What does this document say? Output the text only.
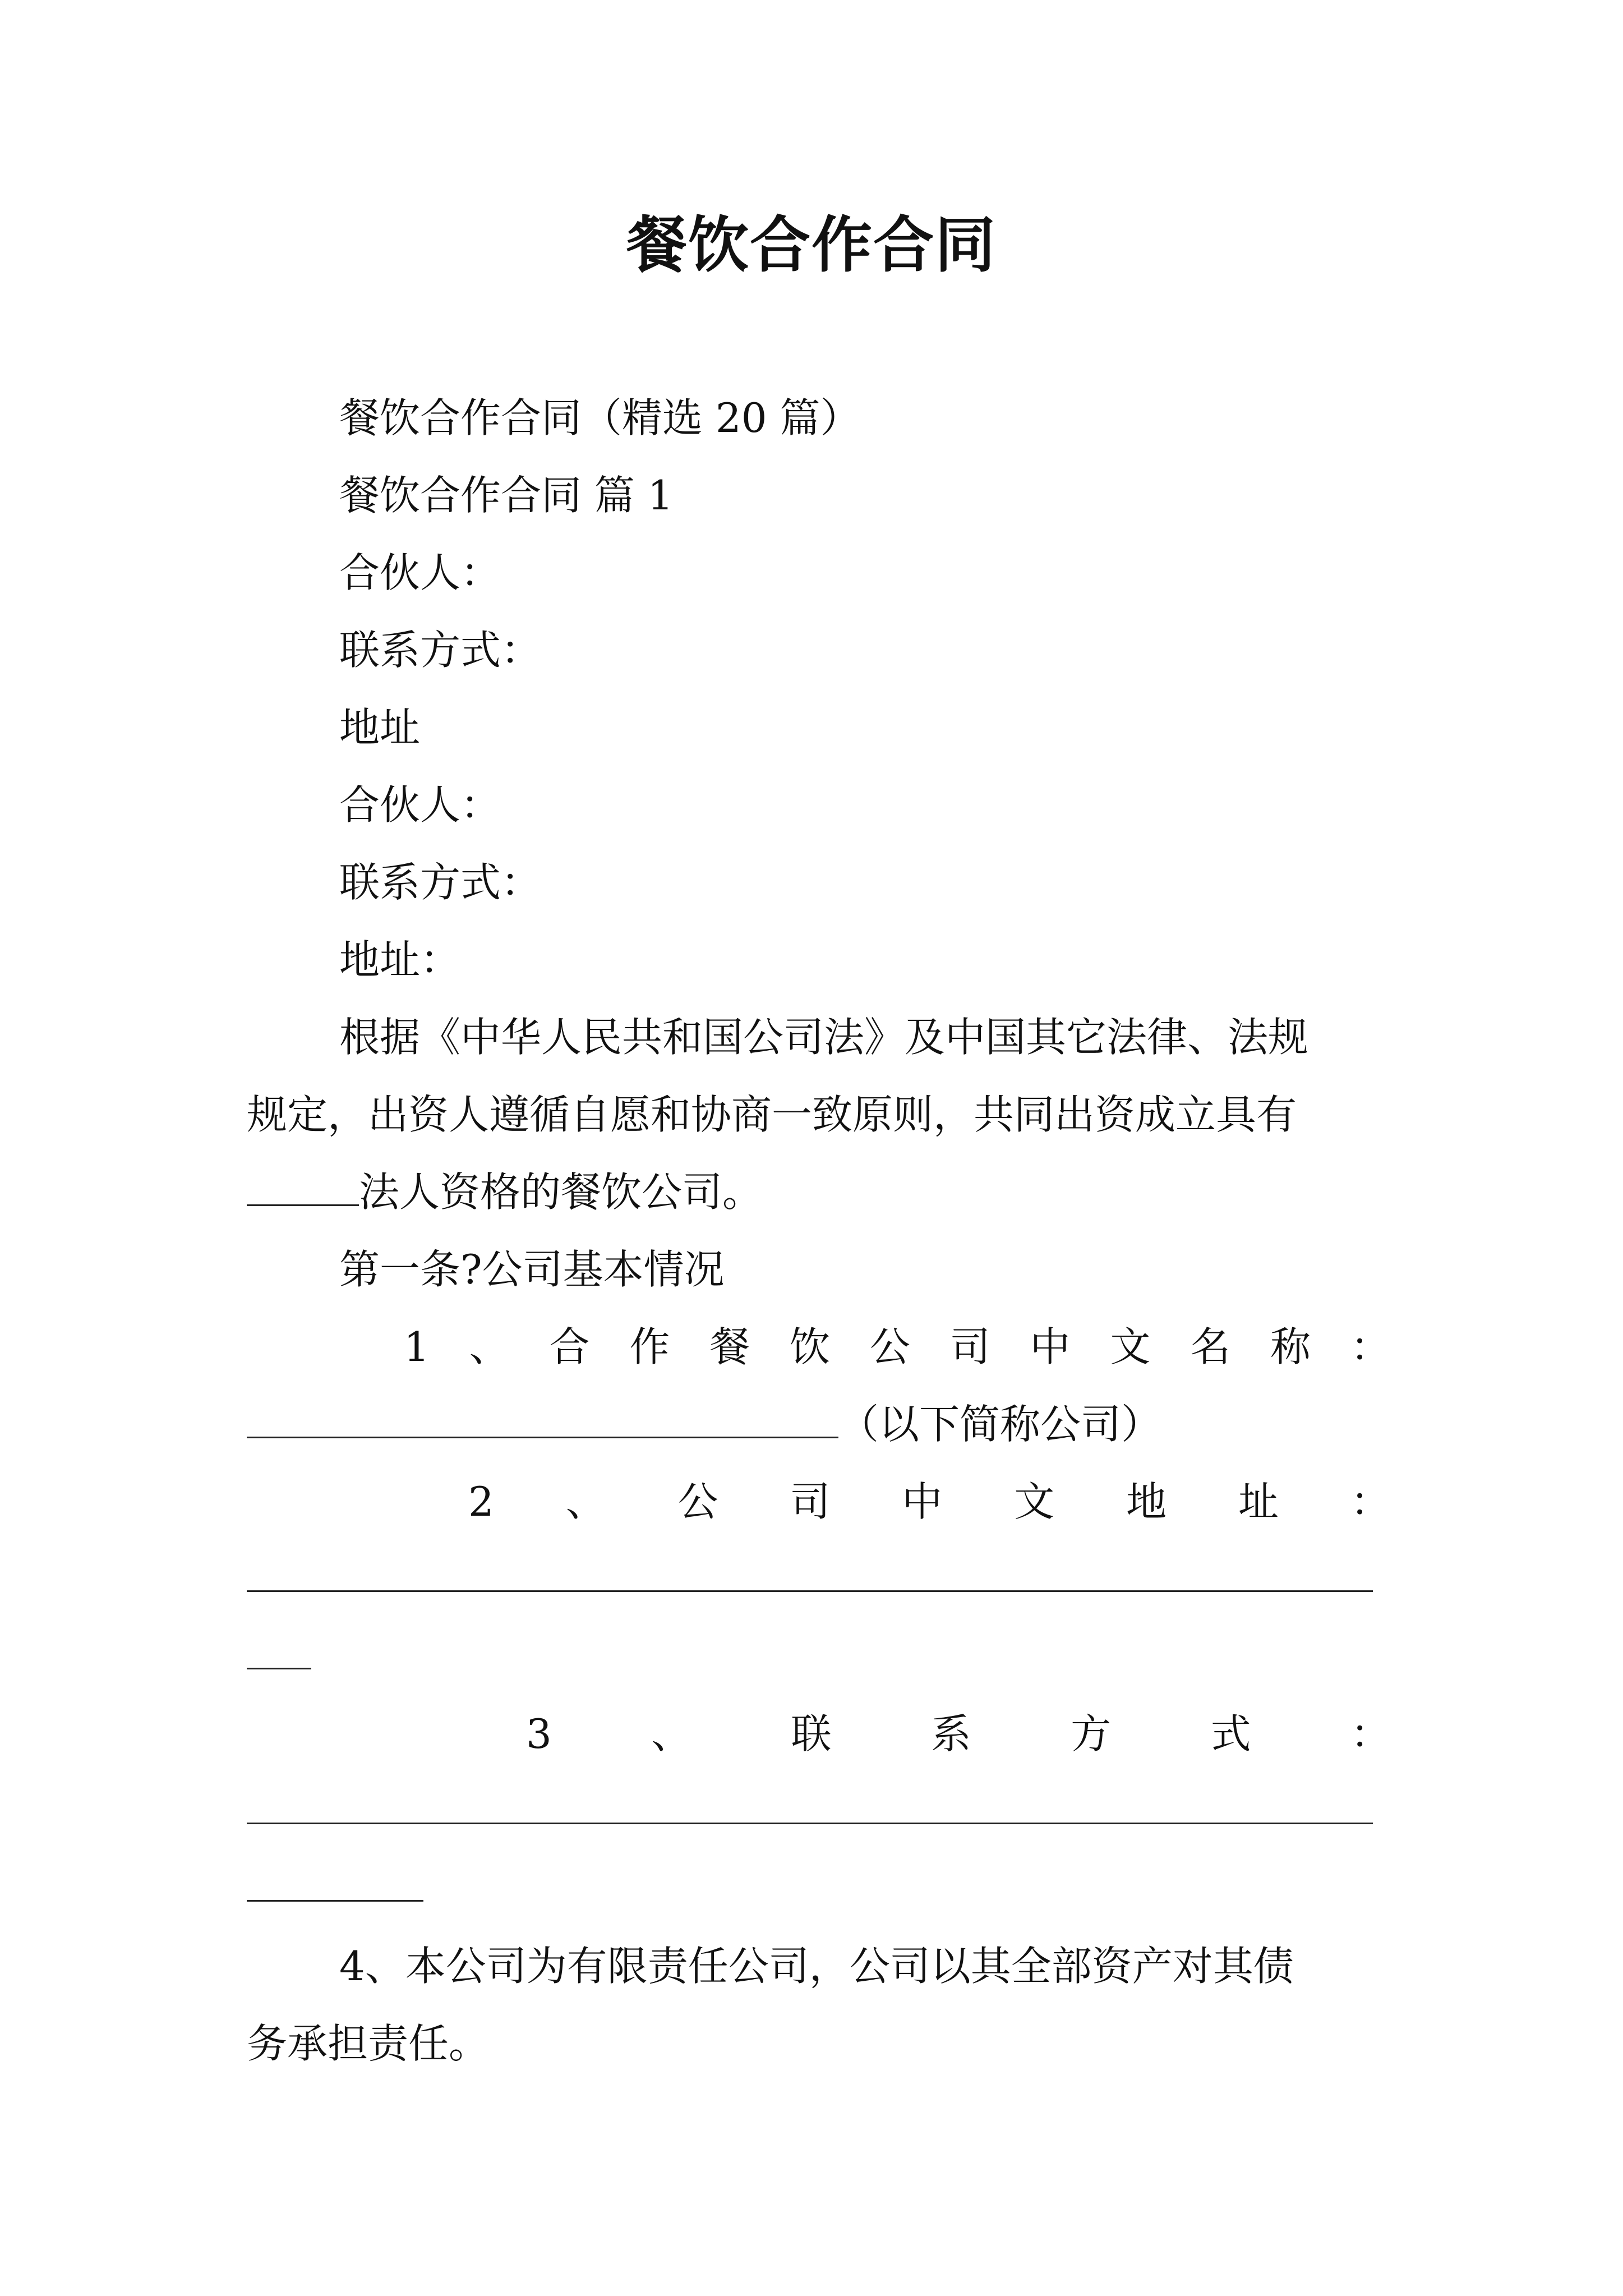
餐饮合作合同
餐饮合作合同（精选 20 篇）
餐饮合作合同 篇 1
合伙人：
联系方式：
地址
合伙人：
联系方式：
地址：
根据《中华人民共和国公司法》及中国其它法律、法规
规定，出资人遵循自愿和协商一致原则，共同出资成立具有
法人资格的餐饮公司。
第一条?公司基本情况
1 、 合 作 餐 饮 公 司 中 文 名 称 ：
（以下简称公司）
2 、 公 司 中 文 地 址 ：
3 、 联 系 方 式 ：
4、本公司为有限责任公司，公司以其全部资产对其债
务承担责任。
